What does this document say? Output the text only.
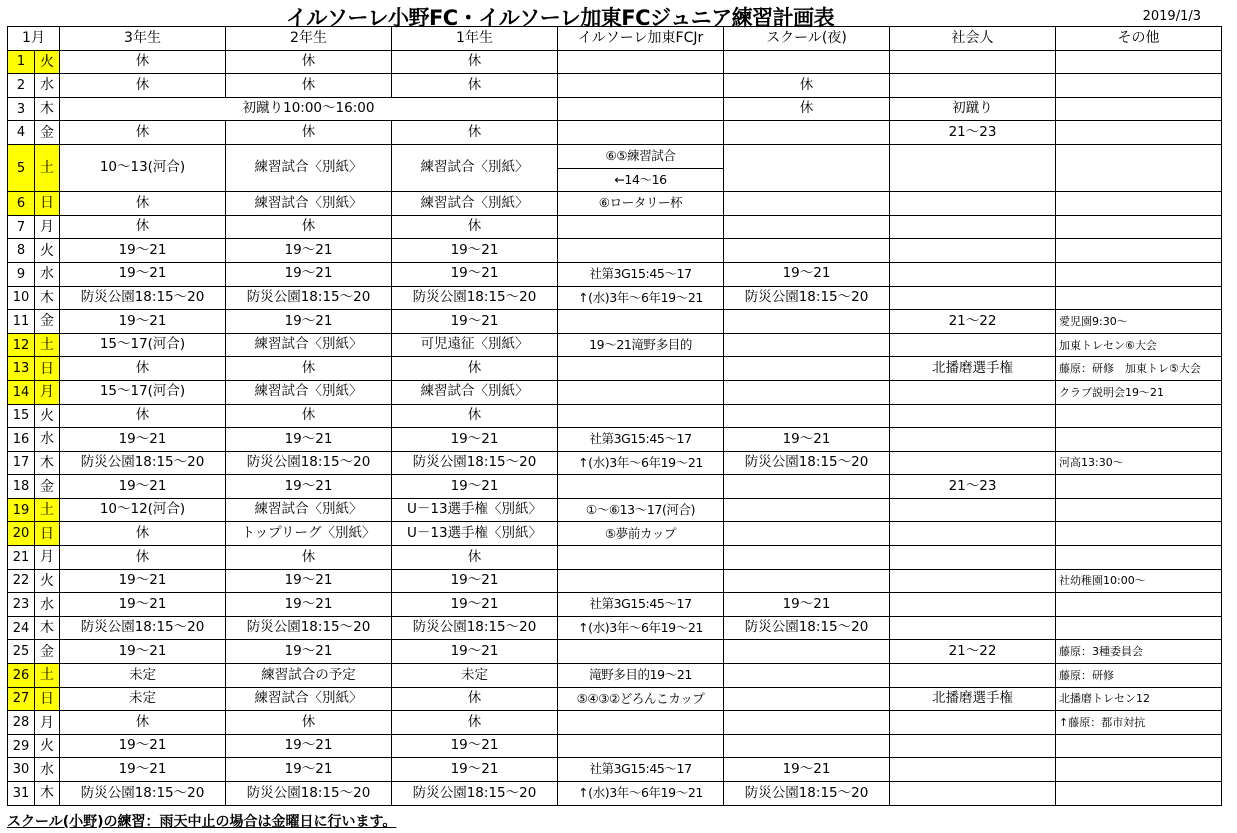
イルソーレ小野FC・イルソーレ加東FCジュニア練習計画表	2019/1/3
1月		3年生	2年生	1年生	イルソーレ加東FCJr	スクール(夜)	社会人	その他
1	火	休	休	休				
2	水	休	休	休		休		
3	木	初蹴り10:00～16:00				休	初蹴り	
4	金	休	休	休			21～23	
5	土	10～13(河合)	練習試合〈別紙〉	練習試合〈別紙〉	⑥⑤練習試合			
					←14～16			
6	日	休	練習試合〈別紙〉	練習試合〈別紙〉	⑥ロータリー杯			
7	月	休	休	休				
8	火	19～21	19～21	19～21				
9	水	19～21	19～21	19～21	社第3G15:45～17	19～21		
10	木	防災公園18:15～20	防災公園18:15～20	防災公園18:15～20	↑(水)3年～6年19～21	防災公園18:15～20		
11	金	19～21	19～21	19～21			21～22	愛児園9:30～
12	土	15～17(河合)	練習試合〈別紙〉	可児遠征〈別紙〉	19～21滝野多目的			加東トレセン⑥大会
13	日	休	休	休			北播磨選手権	藤原：研修　加東トレ⑤大会
14	月	15～17(河合)	練習試合〈別紙〉	練習試合〈別紙〉				クラブ説明会19～21
15	火	休	休	休				
16	水	19～21	19～21	19～21	社第3G15:45～17	19～21		
17	木	防災公園18:15～20	防災公園18:15～20	防災公園18:15～20	↑(水)3年～6年19～21	防災公園18:15～20		河高13:30～
18	金	19～21	19～21	19～21			21～23	
19	土	10～12(河合)	練習試合〈別紙〉	U－13選手権〈別紙〉	①～⑥13～17(河合)			
20	日	休	トップリーグ〈別紙〉	U－13選手権〈別紙〉	⑤夢前カップ			
21	月	休	休	休				
22	火	19～21	19～21	19～21				社幼稚園10:00～
23	水	19～21	19～21	19～21	社第3G15:45～17	19～21		
24	木	防災公園18:15～20	防災公園18:15～20	防災公園18:15～20	↑(水)3年～6年19～21	防災公園18:15～20		
25	金	19～21	19～21	19～21			21～22	藤原：3種委員会
26	土	未定	練習試合の予定	未定	滝野多目的19～21			藤原：研修
27	日	未定	練習試合〈別紙〉	休	⑤④③②どろんこカップ		北播磨選手権	北播磨トレセン12
28	月	休	休	休				↑藤原：都市対抗
29	火	19～21	19～21	19～21				
30	水	19～21	19～21	19～21	社第3G15:45～17	19～21		
31	木	防災公園18:15～20	防災公園18:15～20	防災公園18:15～20	↑(水)3年～6年19～21	防災公園18:15～20		
スクール(小野)の練習：雨天中止の場合は金曜日に行います。
